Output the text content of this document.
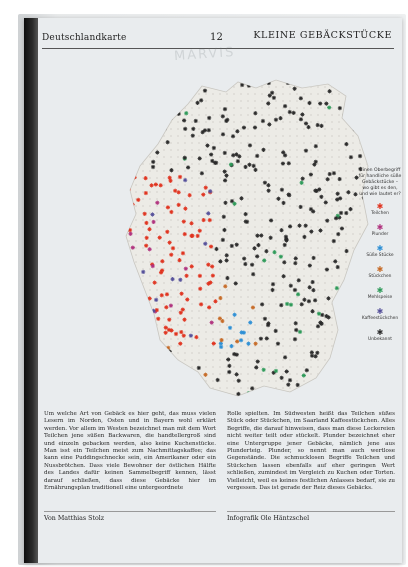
Deutschlandkarte	12	KLEINE GEBÄCKSTÜCKE
MARVIS
Einen Oberbegriff für handliche süße Gebäckstücke – wo gibt es den, und wie lautet er?
✱
Teilchen
✱
Plunder
✱
Süße Stücke
✱
Stückchen
✱
Mehlspeise
✱
Kaffeestückchen
✱
Unbekannt
Um welche Art von Gebäck es hier geht, das muss vielen Lesern im Norden, Osten und in Bayern wohl erklärt werden. Vor allem im Westen bezeichnet man mit dem Wort Teilchen jene süßen Backwaren, die handtellergroß sind und einzeln gebacken werden, also keine Kuchenstücke. Man isst ein Teilchen meist zum Nachmittagskaffee; das kann eine Puddingschnecke sein, ein Amerikaner oder ein Nussbrötchen. Dass viele Bewohner der östlichen Hälfte des Landes dafür keinen Sammelbegriff kennen, lässt darauf schließen, dass diese Gebäcke hier im Ernährungsplan traditionell eine untergeordnete
Rolle spielten. Im Südwesten heißt das Teilchen süßes Stück oder Stückchen, im Saarland Kaffeestückchen. Alles Begriffe, die darauf hinweisen, dass man diese Leckereien nicht weiter teilt oder stückelt. Plunder bezeichnet eher eine Untergruppe jener Gebäcke, nämlich jene aus Plunderteig. Plunder, so nennt man auch wertlose Gegenstände. Die schmucklosen Begriffe Teilchen und Stückchen lassen ebenfalls auf eher geringen Wert schließen, zumindest im Vergleich zu Kuchen oder Torten. Vielleicht, weil es keines festlichen Anlasses bedarf, sie zu vergessen. Das ist gerade der Reiz dieses Gebäcks.
Von Matthias Stolz	Infografik Ole Häntzschel
